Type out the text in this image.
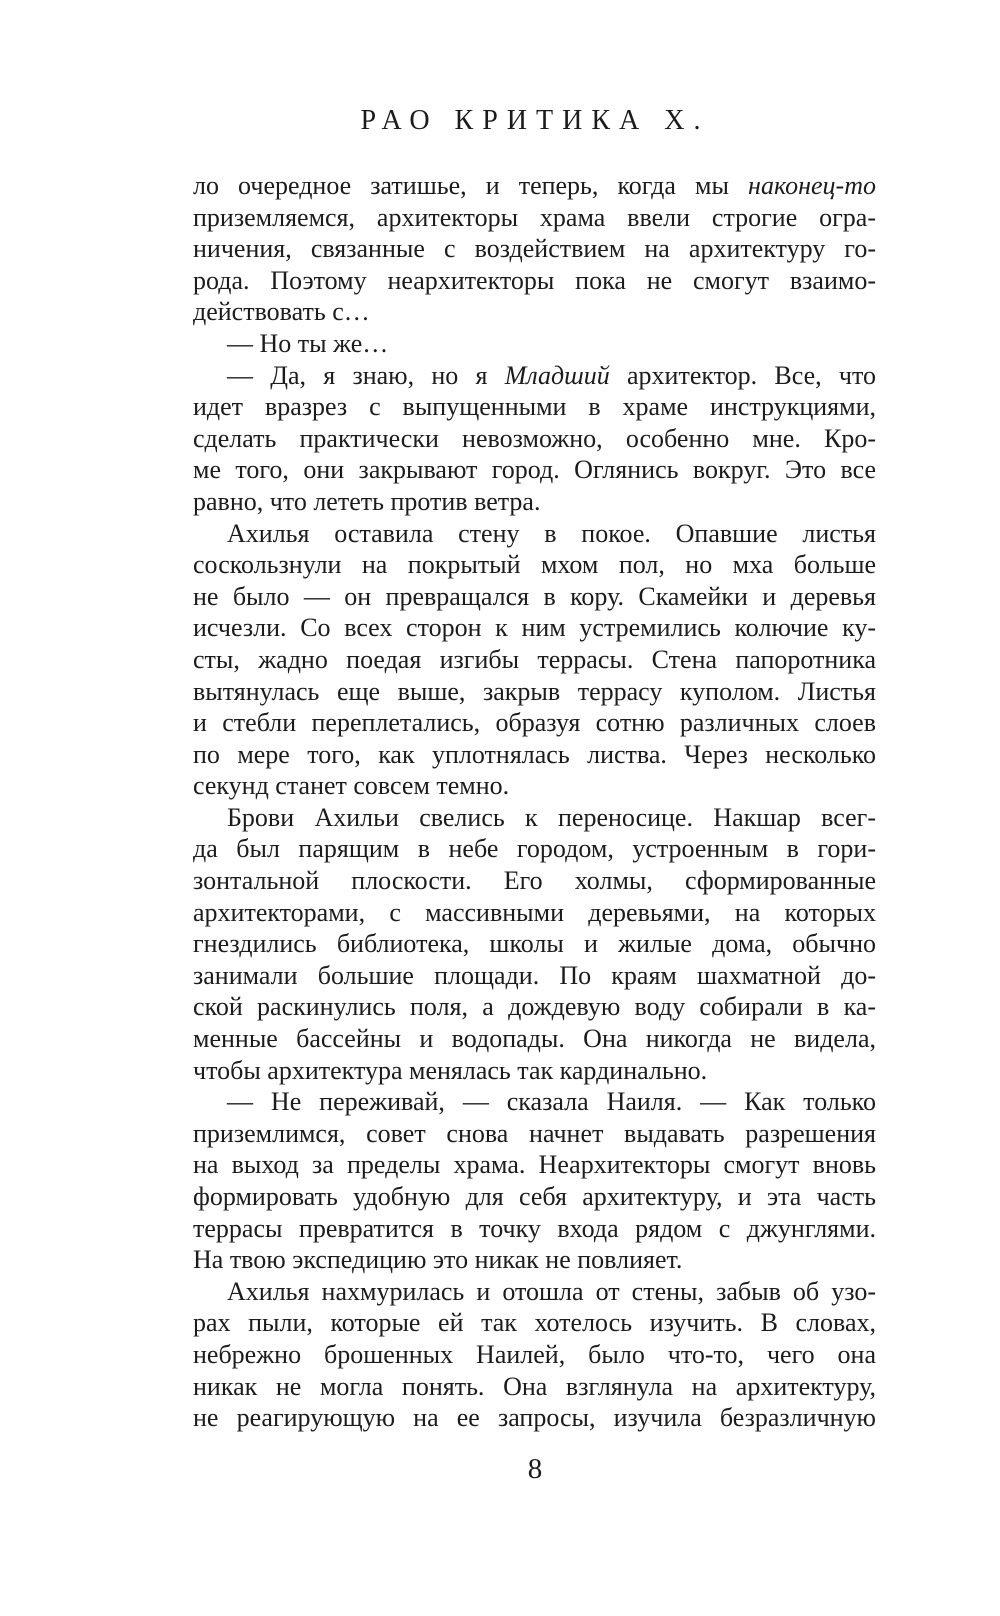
РАО КРИТИКА Х.
ло очередное затишье, и теперь, когда мы наконец-то
приземляемся, архитекторы храма ввели строгие огра-
ничения, связанные с воздействием на архитектуру го-
рода. Поэтому неархитекторы пока не смогут взаимо-
действовать с…
— Но ты же…
— Да, я знаю, но я Младший архитектор. Все, что
идет вразрез с выпущенными в храме инструкциями,
сделать практически невозможно, особенно мне. Кро-
ме того, они закрывают город. Оглянись вокруг. Это все
равно, что лететь против ветра.
Ахилья оставила стену в покое. Опавшие листья
соскользнули на покрытый мхом пол, но мха больше
не было — он превращался в кору. Скамейки и деревья
исчезли. Со всех сторон к ним устремились колючие ку-
сты, жадно поедая изгибы террасы. Стена папоротника
вытянулась еще выше, закрыв террасу куполом. Листья
и стебли переплетались, образуя сотню различных слоев
по мере того, как уплотнялась листва. Через несколько
секунд станет совсем темно.
Брови Ахильи свелись к переносице. Накшар всег-
да был парящим в небе городом, устроенным в гори-
зонтальной плоскости. Его холмы, сформированные
архитекторами, с массивными деревьями, на которых
гнездились библиотека, школы и жилые дома, обычно
занимали большие площади. По краям шахматной до-
ской раскинулись поля, а дождевую воду собирали в ка-
менные бассейны и водопады. Она никогда не видела,
чтобы архитектура менялась так кардинально.
— Не переживай, — сказала Наиля. — Как только
приземлимся, совет снова начнет выдавать разрешения
на выход за пределы храма. Неархитекторы смогут вновь
формировать удобную для себя архитектуру, и эта часть
террасы превратится в точку входа рядом с джунглями.
На твою экспедицию это никак не повлияет.
Ахилья нахмурилась и отошла от стены, забыв об узо-
рах пыли, которые ей так хотелось изучить. В словах,
небрежно брошенных Наилей, было что-то, чего она
никак не могла понять. Она взглянула на архитектуру,
не реагирующую на ее запросы, изучила безразличную
8
